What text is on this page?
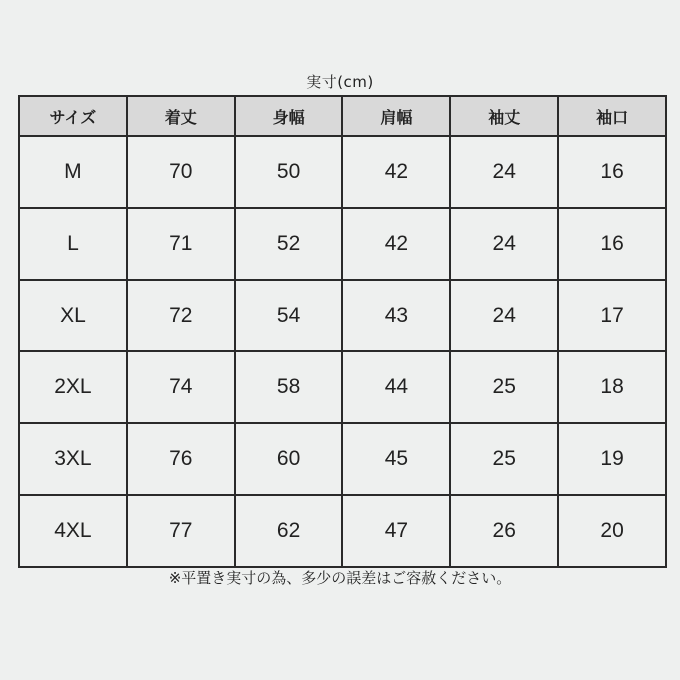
実寸(cm)
サイズ	着丈	身幅	肩幅	袖丈	袖口
M	70	50	42	24	16
L	71	52	42	24	16
XL	72	54	43	24	17
2XL	74	58	44	25	18
3XL	76	60	45	25	19
4XL	77	62	47	26	20
※平置き実寸の為、多少の誤差はご容赦ください。
